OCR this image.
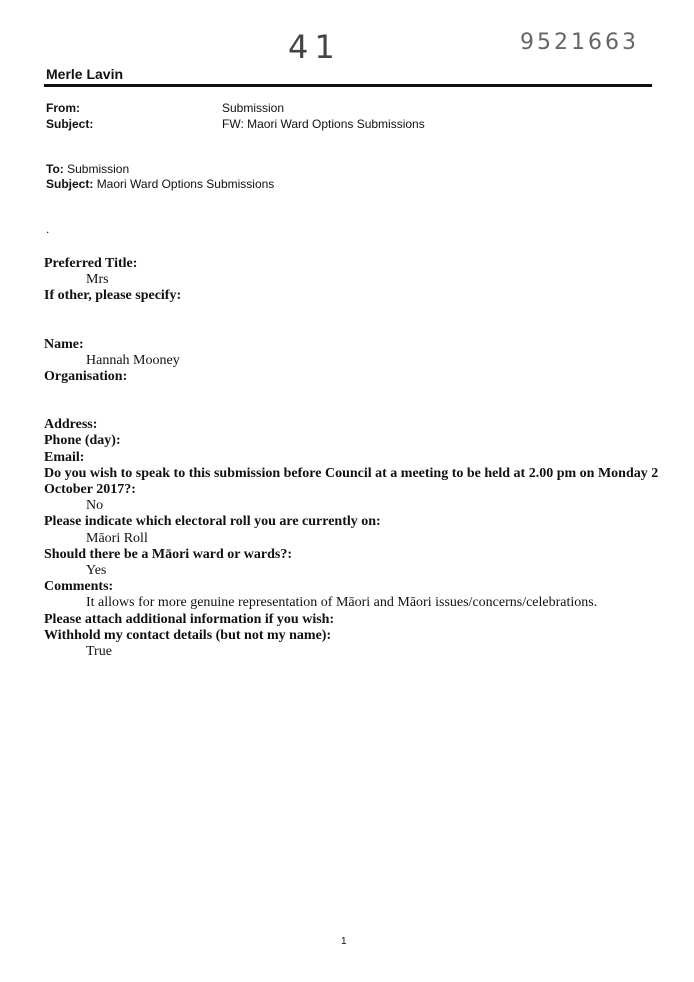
41	9521663
Merle Lavin
From:	Submission
Subject:	FW: Maori Ward Options Submissions
To: Submission
Subject: Maori Ward Options Submissions
.
Preferred Title:
Mrs
If other, please specify:
Name:
Hannah Mooney
Organisation:
Address:
Phone (day):
Email:
Do you wish to speak to this submission before Council at a meeting to be held at 2.00 pm on Monday 2 October 2017?:
No
Please indicate which electoral roll you are currently on:
Māori Roll
Should there be a Māori ward or wards?:
Yes
Comments:
It allows for more genuine representation of Māori and Māori issues/concerns/celebrations.
Please attach additional information if you wish:
Withhold my contact details (but not my name):
True
1
